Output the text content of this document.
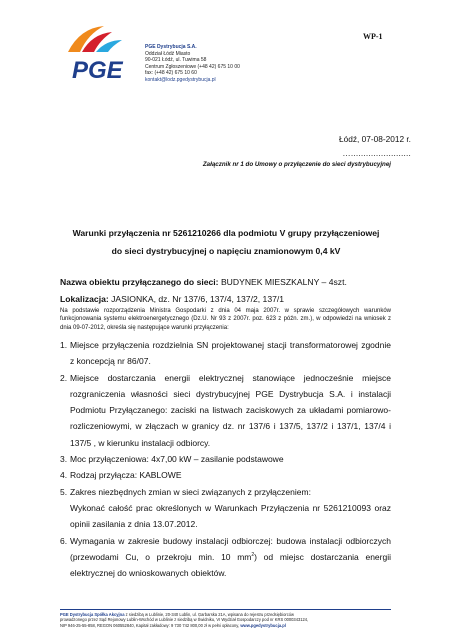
PGE
PGE Dystrybucja S.A.
Oddział Łódź Miasto
90-021 Łódź, ul. Tuwima 58
Centrum Zgłoszeniowe (+48 42) 675 10 00
fax: (+48 42) 675 10 60
kontakt@lodz.pgedystrybucja.pl
WP-1
Łódź, 07-08-2012 r.
…........................
Załącznik nr 1 do Umowy o przyłączenie do sieci dystrybucyjnej
Warunki przyłączenia nr 5261210266 dla podmiotu V grupy przyłączeniowej
do sieci dystrybucyjnej o napięciu znamionowym 0,4 kV
Nazwa obiektu przyłączanego do sieci: BUDYNEK MIESZKALNY – 4szt.
Lokalizacja: JASIONKA, dz. Nr 137/6, 137/4, 137/2, 137/1
Na podstawie rozporządzenia Ministra Gospodarki z dnia 04 maja 2007r. w sprawie szczegółowych warunków funkcjonowania systemu elektroenergetycznego (Dz.U. Nr 93 z 2007r. poz. 623 z późn. zm.), w odpowiedzi na wniosek z dnia 09-07-2012, określa się następujące warunki przyłączenia:
1. Miejsce przyłączenia rozdzielnia SN projektowanej stacji transformatorowej zgodnie z koncepcją nr 86/07.
2. Miejsce dostarczania energii elektrycznej stanowiące jednocześnie miejsce rozgraniczenia własności sieci dystrybucyjnej PGE Dystrybucja S.A. i instalacji Podmiotu Przyłączanego: zaciski na listwach zaciskowych za układami pomiarowo-rozliczeniowymi, w złączach w granicy dz. nr 137/6 i 137/5, 137/2 i 137/1, 137/4 i 137/5 , w kierunku instalacji odbiorcy.
3. Moc przyłączeniowa: 4x7,00 kW – zasilanie podstawowe
4. Rodzaj przyłącza: KABLOWE
5. Zakres niezbędnych zmian w sieci związanych z przyłączeniem:
Wykonać całość prac określonych w Warunkach Przyłączenia nr 5261210093 oraz opinii zasilania z dnia 13.07.2012.
6. Wymagania w zakresie budowy instalacji odbiorczej: budowa instalacji odbiorczych (przewodami Cu, o przekroju min. 10 $mm^2$) od miejsc dostarczania energii elektrycznej do wnioskowanych obiektów.
PGE Dystrybucja Spółka Akcyjna z siedzibą w Lublinie, 20-340 Lublin, ul. Garbarska 21A, wpisana do rejestru przedsiębiorców
prowadzonego przez Sąd Rejonowy Lublin-Wschód w Lublinie z siedzibą w Świdniku, VI Wydział Gospodarczy pod nr KRS 0000343124,
NIP 946-25-55-858, REGON 060552840, Kapitał zakładowy: 9 730 742 800,00 zł w pełni opłacony, www.pgedystrybucja.pl
